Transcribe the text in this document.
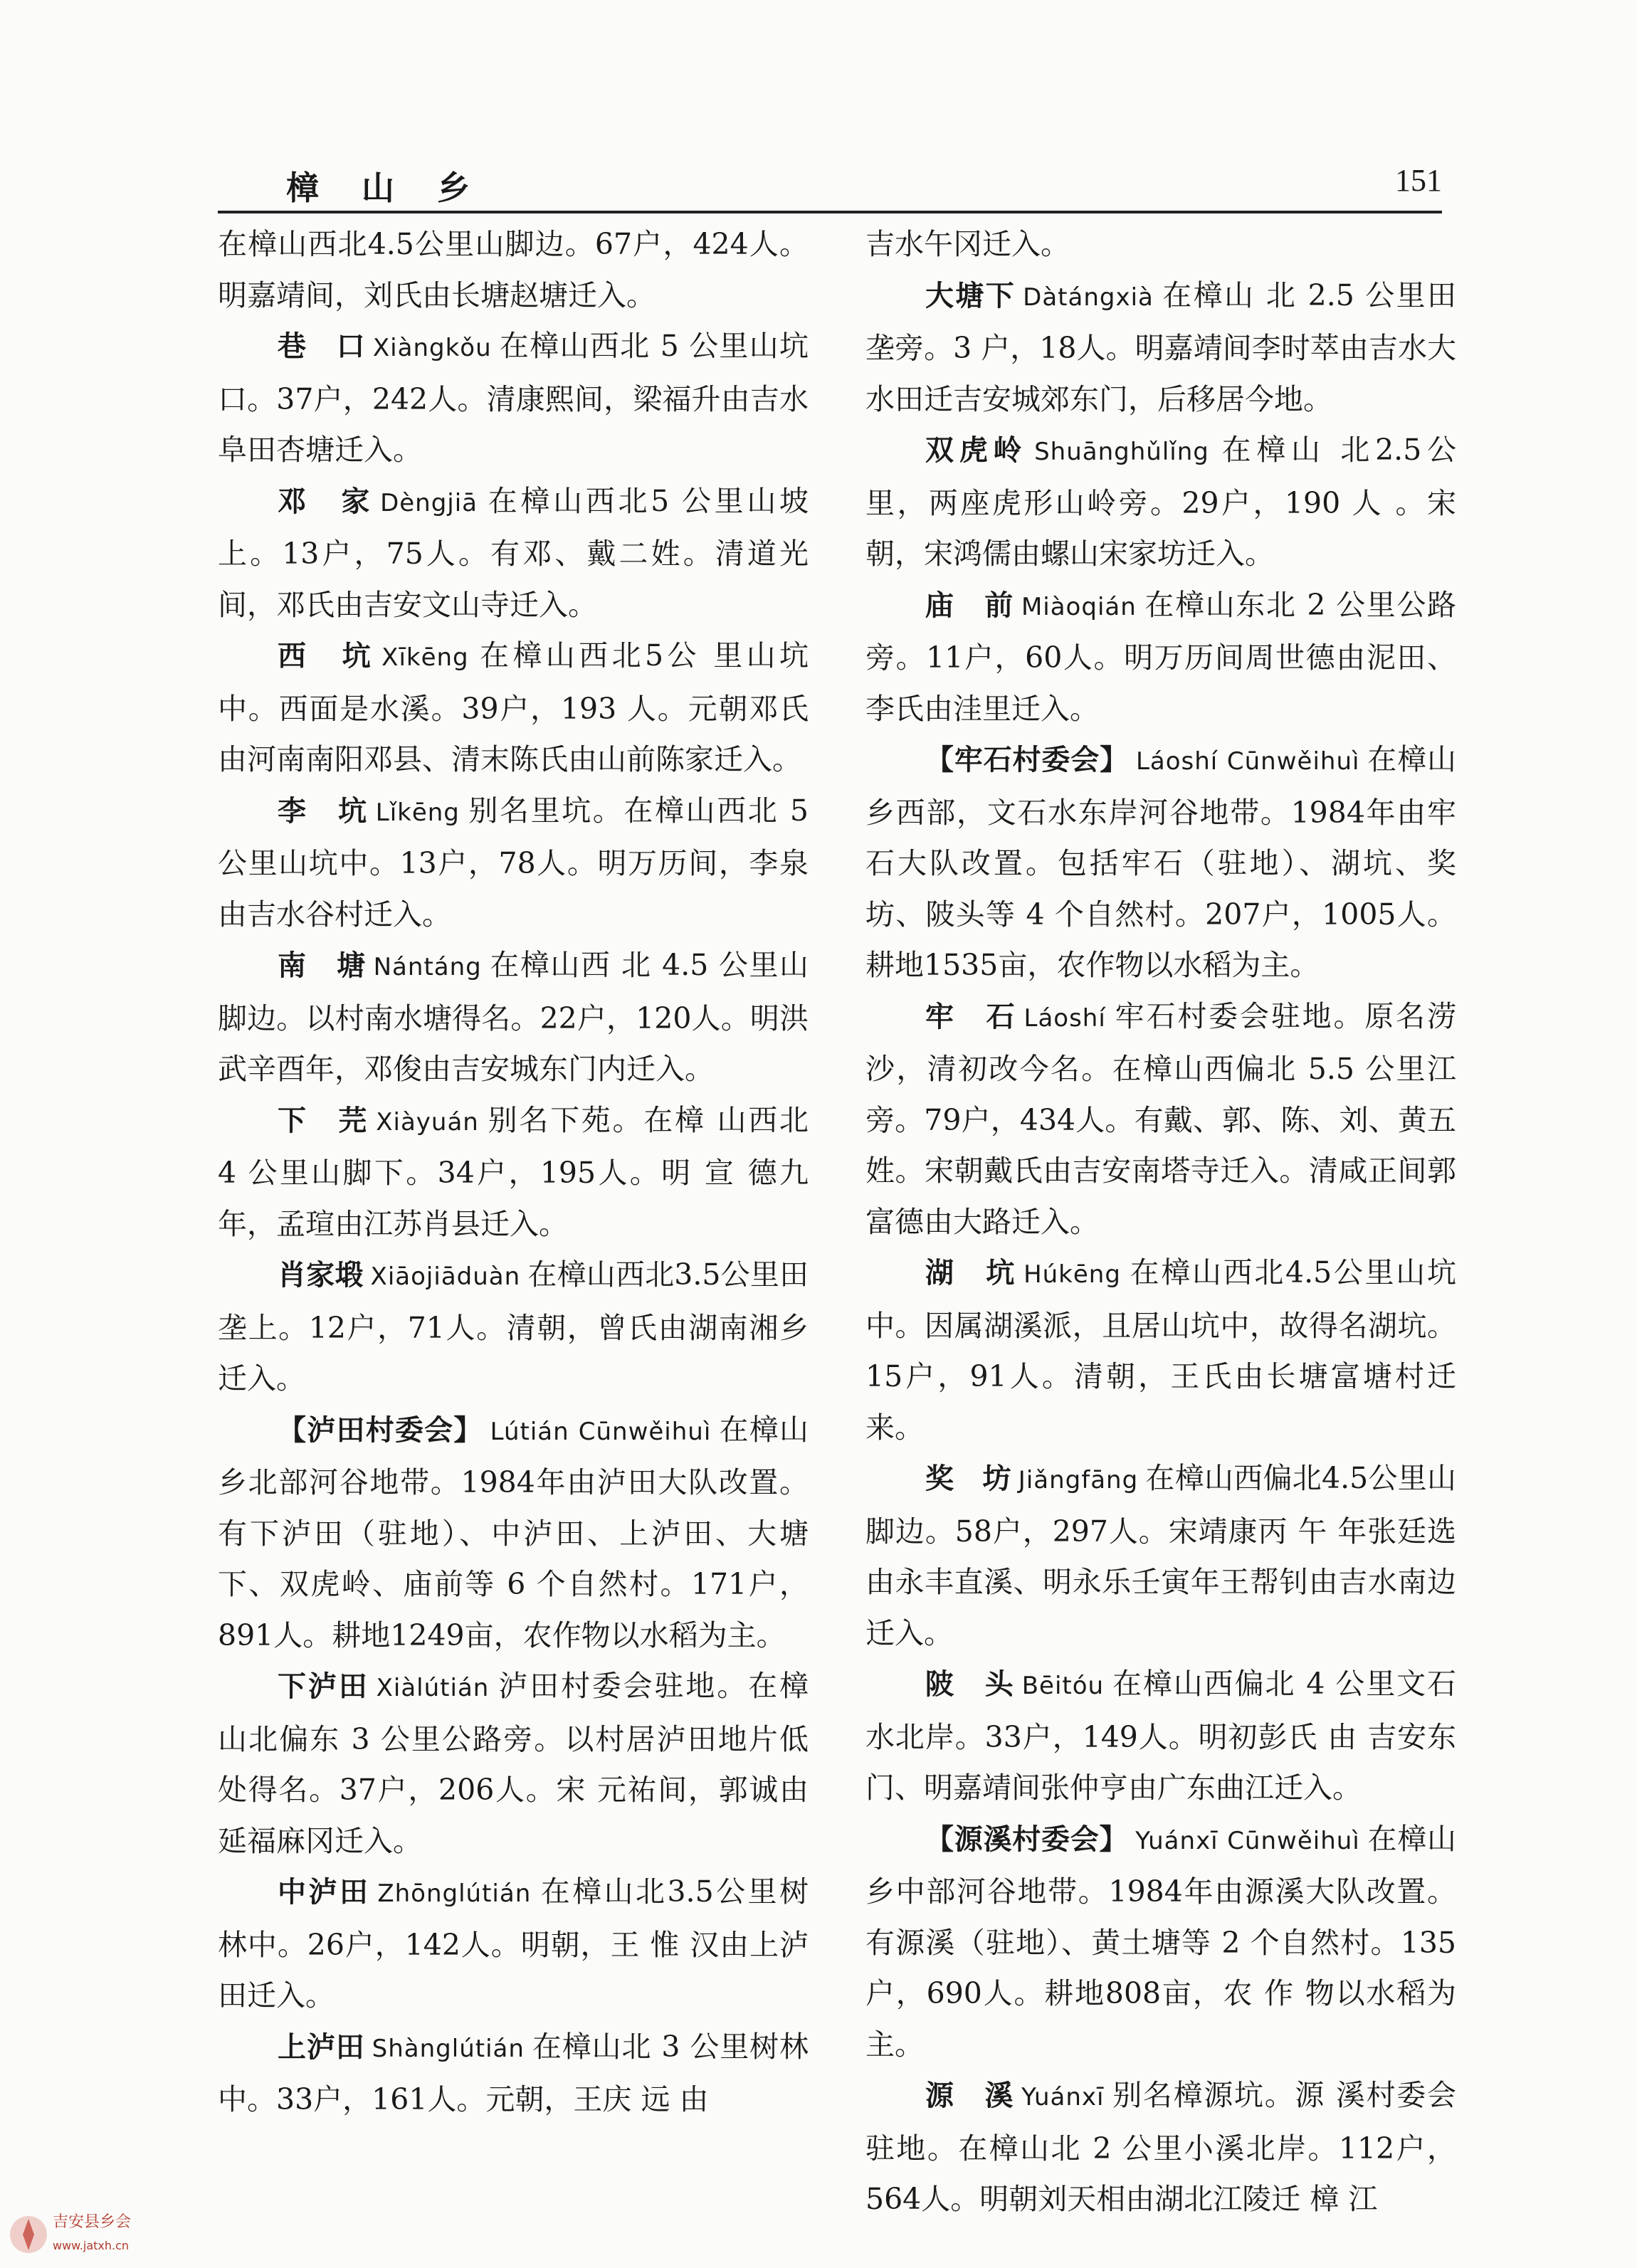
樟 山 乡	151

在樟山西北4.5公里山脚边。67户，424人。明嘉靖间，刘氏由长塘赵塘迁入。

巷　口 Xiàngkǒu 在樟山西北 5 公里山坑口。37户，242人。清康熙间，梁福升由吉水阜田杏塘迁入。

邓　家 Dèngjiā 在樟山西北5 公里山坡上。13户，75人。有邓、戴二姓。清道光间，邓氏由吉安文山寺迁入。

西　坑 Xīkēng 在樟山西北5公 里山坑中。西面是水溪。39户，193 人。元朝邓氏由河南南阳邓县、清末陈氏由山前陈家迁入。

李　坑 Lǐkēng 别名里坑。在樟山西北 5 公里山坑中。13户，78人。明万历间，李泉由吉水谷村迁入。

南　塘 Nántáng 在樟山西 北 4.5 公里山脚边。以村南水塘得名。22户，120人。明洪武辛酉年，邓俊由吉安城东门内迁入。

下　芫 Xiàyuán 别名下苑。在樟 山西北 4 公里山脚下。34户，195人。明 宣 德九年，孟瑄由江苏肖县迁入。

肖家塅 Xiāojiāduàn 在樟山西北3.5公里田垄上。12户，71人。清朝，曾氏由湖南湘乡迁入。

【泸田村委会】 Lútián Cūnwěihuì 在樟山乡北部河谷地带。1984年由泸田大队改置。有下泸田（驻地）、中泸田、上泸田、大塘下、双虎岭、庙前等 6 个自然村。171户，891人。耕地1249亩，农作物以水稻为主。

下泸田 Xiàlútián 泸田村委会驻地。在樟山北偏东 3 公里公路旁。以村居泸田地片低处得名。37户，206人。宋 元祐间，郭诚由延福麻冈迁入。

中泸田 Zhōnglútián 在樟山北3.5公里树林中。26户，142人。明朝，王 惟 汉由上泸田迁入。

上泸田 Shànglútián 在樟山北 3 公里树林中。33户，161人。元朝，王庆 远 由

吉水午冈迁入。

大塘下 Dàtángxià 在樟山 北 2.5 公里田垄旁。3 户，18人。明嘉靖间李时萃由吉水大水田迁吉安城郊东门，后移居今地。

双虎岭 Shuānghǔlǐng 在樟山 北2.5公里，两座虎形山岭旁。29户，190 人 。宋朝，宋鸿儒由螺山宋家坊迁入。

庙　前 Miàoqián 在樟山东北 2 公里公路旁。11户，60人。明万历间周世德由泥田、李氏由洼里迁入。

【牢石村委会】 Láoshí Cūnwěihuì 在樟山乡西部，文石水东岸河谷地带。1984年由牢石大队改置。包括牢石（驻地）、湖坑、奖坊、陂头等 4 个自然村。207户，1005人。耕地1535亩，农作物以水稻为主。

牢　石 Láoshí 牢石村委会驻地。原名涝沙，清初改今名。在樟山西偏北 5.5 公里江旁。79户，434人。有戴、郭、陈、刘、黄五姓。宋朝戴氏由吉安南塔寺迁入。清咸正间郭富德由大路迁入。

湖　坑 Húkēng 在樟山西北4.5公里山坑中。因属湖溪派，且居山坑中，故得名湖坑。15户，91人。清朝，王氏由长塘富塘村迁来。

奖　坊 Jiǎngfāng 在樟山西偏北4.5公里山脚边。58户，297人。宋靖康丙 午 年张廷选由永丰直溪、明永乐壬寅年王帮钊由吉水南边迁入。

陂　头 Bēitóu 在樟山西偏北 4 公里文石水北岸。33户，149人。明初彭氏 由 吉安东门、明嘉靖间张仲亨由广东曲江迁入。

【源溪村委会】 Yuánxī Cūnwěihuì 在樟山乡中部河谷地带。1984年由源溪大队改置。有源溪（驻地）、黄土塘等 2 个自然村。135户，690人。耕地808亩，农 作 物以水稻为主。

源　溪 Yuánxī 别名樟源坑。源 溪村委会驻地。在樟山北 2 公里小溪北岸。112户，564人。明朝刘天相由湖北江陵迁 樟 江

吉安县乡会
www.jatxh.cn
